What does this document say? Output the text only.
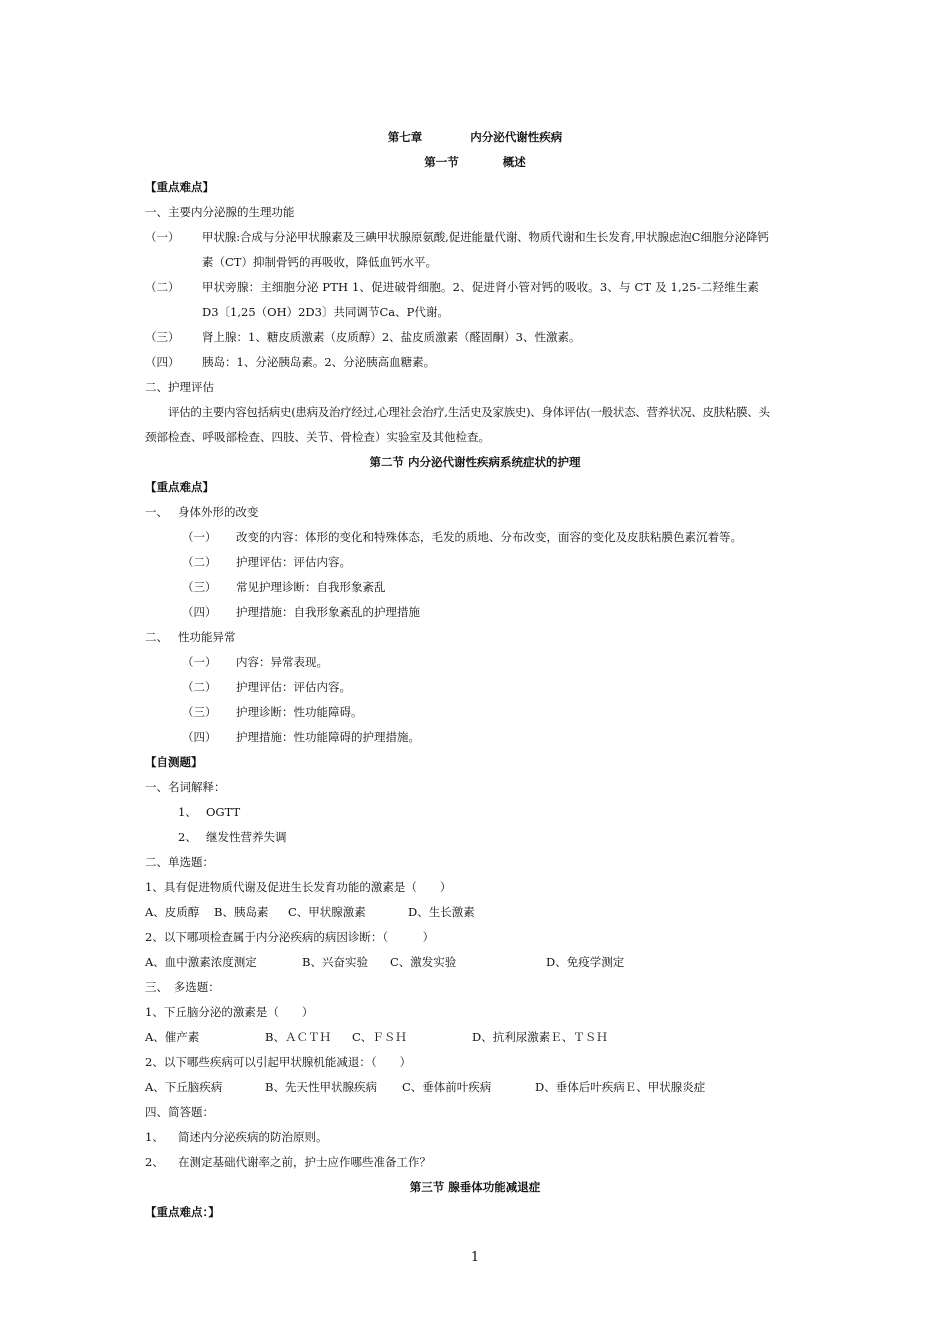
第七章	内分泌代谢性疾病
第一节	概述
【重点难点】
一、主要内分泌腺的生理功能
（一） 甲状腺:合成与分泌甲状腺素及三碘甲状腺原氨酸,促进能量代谢、物质代谢和生长发育,甲状腺虑泡C细胞分泌降钙
素（CT）抑制骨钙的再吸收，降低血钙水平。
（二） 甲状旁腺：主细胞分泌 PTH 1、促进破骨细胞。2、促进肾小管对钙的吸收。3、与 CT 及 1,25-二羟维生素
D3〔1,25（OH）2D3〕共同调节Ca、P代谢。
（三） 肾上腺：1、糖皮质激素（皮质醇）2、盐皮质激素（醛固酮）3、性激素。
（四） 胰岛：1、分泌胰岛素。2、分泌胰高血糖素。
二、护理评估
评估的主要内容包括病史(患病及治疗经过,心理社会治疗,生活史及家族史)、身体评估(一般状态、营养状况、皮肤粘膜、头
颈部检查、呼吸部检查、四肢、关节、骨检查）实验室及其他检查。
第二节 内分泌代谢性疾病系统症状的护理
【重点难点】
一、 身体外形的改变
（一） 改变的内容：体形的变化和特殊体态，毛发的质地、分布改变，面容的变化及皮肤粘膜色素沉着等。
（二） 护理评估：评估内容。
（三） 常见护理诊断：自我形象紊乱
（四） 护理措施：自我形象紊乱的护理措施
二、 性功能异常
（一） 内容：异常表现。
（二） 护理评估：评估内容。
（三） 护理诊断：性功能障碍。
（四） 护理措施：性功能障碍的护理措施。
【自测题】
一、名词解释：
1、 OGTT
2、 继发性营养失调
二、单选题：
1、具有促进物质代谢及促进生长发育功能的激素是（　　）
A、皮质醇 B、胰岛素 C、甲状腺激素	D、生长激素
2、以下哪项检查属于内分泌疾病的病因诊断：（　　　）
A、血中激素浓度测定	B、兴奋实验 C、激发实验	D、免疫学测定
三、　多选题：
1、下丘脑分泌的激素是（　　）
A、催产素	B、ＡＣＴＨ C、ＦＳＨ	D、抗利尿激素Ｅ、ＴＳＨ
2、以下哪些疾病可以引起甲状腺机能减退：（　　）
A、下丘脑疾病	B、先天性甲状腺疾病 C、垂体前叶疾病	D、垂体后叶疾病Ｅ、甲状腺炎症
四、简答题：
1、 简述内分泌疾病的防治原则。
2、 在测定基础代谢率之前，护士应作哪些准备工作？
第三节 腺垂体功能减退症
【重点难点：】
1
